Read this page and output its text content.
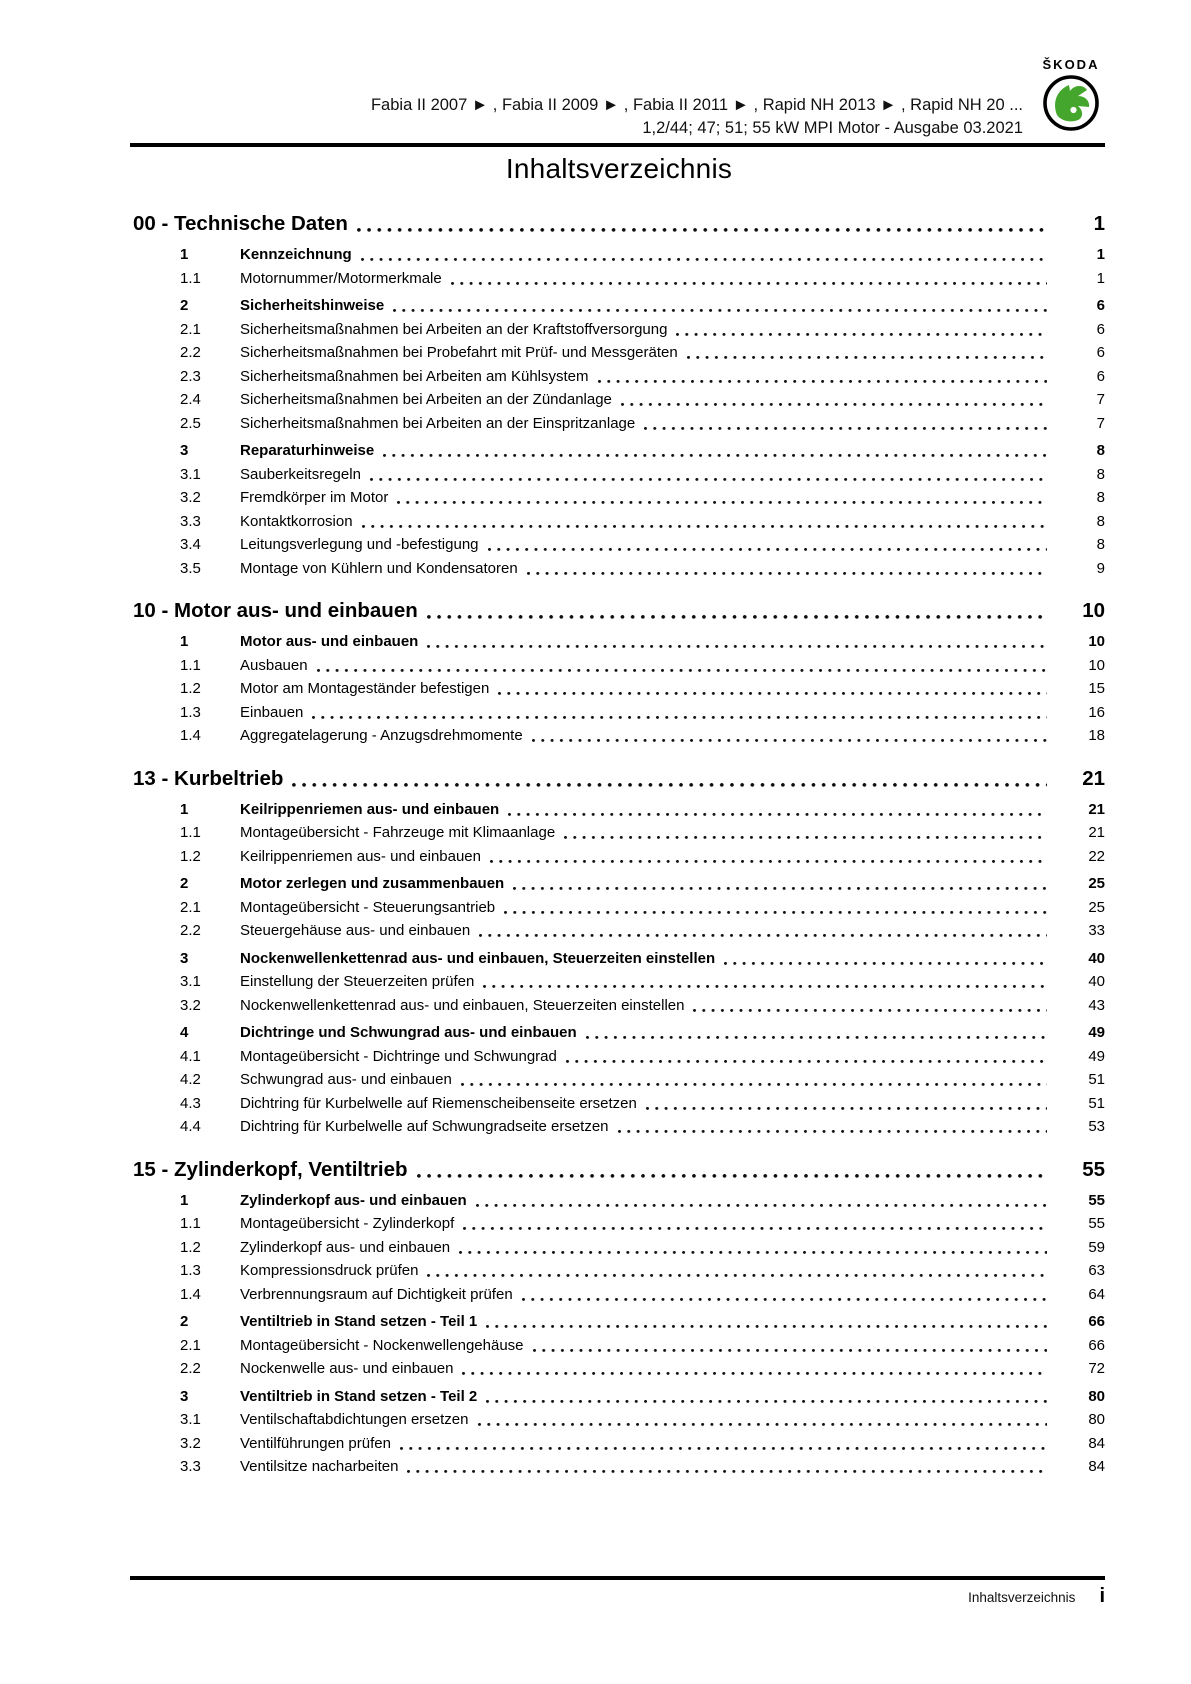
Fabia II 2007 ► , Fabia II 2009 ► , Fabia II 2011 ► , Rapid NH 2013 ► , Rapid NH 20 ...
1,2/44; 47; 51; 55 kW MPI Motor - Ausgabe 03.2021
ŠKODA
Inhaltsverzeichnis
00 - Technische Daten	1
1	Kennzeichnung	1
1.1	Motornummer/Motormerkmale	1
2	Sicherheitshinweise	6
2.1	Sicherheitsmaßnahmen bei Arbeiten an der Kraftstoffversorgung	6
2.2	Sicherheitsmaßnahmen bei Probefahrt mit Prüf- und Messgeräten	6
2.3	Sicherheitsmaßnahmen bei Arbeiten am Kühlsystem	6
2.4	Sicherheitsmaßnahmen bei Arbeiten an der Zündanlage	7
2.5	Sicherheitsmaßnahmen bei Arbeiten an der Einspritzanlage	7
3	Reparaturhinweise	8
3.1	Sauberkeitsregeln	8
3.2	Fremdkörper im Motor	8
3.3	Kontaktkorrosion	8
3.4	Leitungsverlegung und -befestigung	8
3.5	Montage von Kühlern und Kondensatoren	9
10 - Motor aus- und einbauen	10
1	Motor aus- und einbauen	10
1.1	Ausbauen	10
1.2	Motor am Montageständer befestigen	15
1.3	Einbauen	16
1.4	Aggregatelagerung - Anzugsdrehmomente	18
13 - Kurbeltrieb	21
1	Keilrippenriemen aus- und einbauen	21
1.1	Montageübersicht - Fahrzeuge mit Klimaanlage	21
1.2	Keilrippenriemen aus- und einbauen	22
2	Motor zerlegen und zusammenbauen	25
2.1	Montageübersicht - Steuerungsantrieb	25
2.2	Steuergehäuse aus- und einbauen	33
3	Nockenwellenkettenrad aus- und einbauen, Steuerzeiten einstellen	40
3.1	Einstellung der Steuerzeiten prüfen	40
3.2	Nockenwellenkettenrad aus- und einbauen, Steuerzeiten einstellen	43
4	Dichtringe und Schwungrad aus- und einbauen	49
4.1	Montageübersicht - Dichtringe und Schwungrad	49
4.2	Schwungrad aus- und einbauen	51
4.3	Dichtring für Kurbelwelle auf Riemenscheibenseite ersetzen	51
4.4	Dichtring für Kurbelwelle auf Schwungradseite ersetzen	53
15 - Zylinderkopf, Ventiltrieb	55
1	Zylinderkopf aus- und einbauen	55
1.1	Montageübersicht - Zylinderkopf	55
1.2	Zylinderkopf aus- und einbauen	59
1.3	Kompressionsdruck prüfen	63
1.4	Verbrennungsraum auf Dichtigkeit prüfen	64
2	Ventiltrieb in Stand setzen - Teil 1	66
2.1	Montageübersicht - Nockenwellengehäuse	66
2.2	Nockenwelle aus- und einbauen	72
3	Ventiltrieb in Stand setzen - Teil 2	80
3.1	Ventilschaftabdichtungen ersetzen	80
3.2	Ventilführungen prüfen	84
3.3	Ventilsitze nacharbeiten	84
Inhaltsverzeichnis i
